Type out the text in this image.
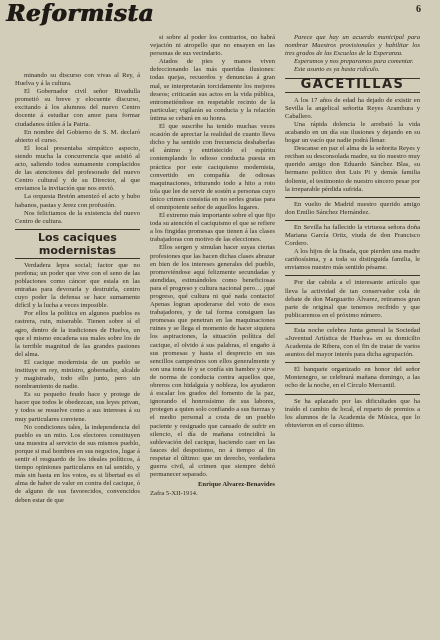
Reformista	6

minando su discurso con vivas al Rey, á Huelva y á la cultura.

El Gobernador civil señor Rivadulla prometió su breve y elocuente discurso, excitando á los alumnos del nuevo Centro docente á estudiar con amor para formar ciudadanos útiles á la Patria.

En nombre del Gobierno de S. M. declaró abierto el curso.

El local presentaba simpático aspecto, siendo mucha la concurrencia que asistió al acto, saliendo todos sumamente complacidos de las atenciones del profesorado del nuevo Centro cultural y de su Director, al que enviamos la invitación que nos envió.

La orquesta Bretón amenizó el acto y hubo habanos, pastas y Jerez con profusión.

Nos felicitamos de la existencia del nuevo Centro de cultura.

Los caciques modernistas

Verdadera lepra social; factor que no perdona; un poder que vive con el seno de las poblaciones como cáncer que estala en las entrañas para devorarla y destruirla, centro cuyo poder la defensa se hace sumamente difícil y la lucha a veces imposible.

Por ellos la política en algunos pueblos es rastrera, ruin, miserable. Tienen sobre sí el agro, dentro de la tradiciones de Huelva, un que el mismo encadena sus males sobre los de la terrible magnitud de las grandes pasiones del alma.

El cacique modernista de un pueblo se instituye en rey, ministro, gobernador, alcalde y magistrado, todo ello junto, pero sin nombramiento de nadie.

Es su pequeño feudo hace y protege de hacer que todos le obedezcan, sus leyes privan, y todos se resuelve como a sus intereses á su muy particulares conviene.

No condiciones tales, la independencia del pueblo es un mito. Los electores constituyen una muestra al servicio de sus mismos pueblo, porque si mal hombres en sus negocios, lugar á sentir el resguardo de los ideales políticos, á tiempo opiniones particulares en tal sentido, y más sin hasta en los votos, es si libertad es el alma de haber de valer en contra del cacique, ó de alguno de sus favorecidos, convencidos deben estar de que

si sobre al poder los contrarios, no habrá vejación ni atropello que no ensayen en las personas de sus vecindario.

Atados de pies y manos viven defeccionando las más queridas ilusiones: todas quejas, recuerdos y denuncias á gran mal, se interpretarán torcidamente los mejores deseos; criticarán sus actos en la vida pública, entrometiéndose en respetable recinto de la particular; vigilarán su conducta y la relación íntima se cebará en su honra.

El que suscribe ha tenido muchas veces ocasión de apreciar la realidad de cuanto lleva dicho y ha sentido con frecuencia deshaberlas el ánimo y entristecido el espíritu contemplando lo odioso conducta puesta en práctica por este caciquismo modernista, convertido en compañía de odiosas maquinaciones, triturando todo a hito a roto tola que lee de servir de sostén a personas cuyo único crimen consistía en no serles gratas para el omnipotente señor de aquellos lugares.

El extremo más importante sobre el que fijo toda su atención el caciquismo el que se refiere a los fingidas promesas que tienen á las clases trabajadoras con motivo de las elecciones.

Ellos sergen y simulan hacer suyas ciertas profesiones que las hacen dichas clases abrazar en bien de los intereses generales del pueblo, promoviéndose aquí felizmente secundadas y atendidas, estimándoles como beneficiosas para el progreso y cultura nacional pero… ¡qué progreso, qué cultura ni qué nada contacto! Apenas logran apoderarse del voto de esos trabajadores, y de tal forma consiguen las promesas que penetran en las maquinaciones ruines y se llega el momento de hacer siquiera los aspiraciones, la situación política del cacique, el olvido á sus palabras, el engaño á sus promesas y hasta el desprecio en sus sencillos campesinos son ellos generalmente y son una tonta fé y se confía sin hambre y sirve de norma de conducta contra aquellos que, obreros con hidalguía y nobleza, los ayudaron á escalar los grados del fomento de la paz, ignorando el honrosísimo de sus labores, protegen a quien solo confiando a sus fuerzas y el medio personal a costa de un pueblo paciente y resignado que cansado de sufrir en silencio, el día de mañana coincidirá la sublevación del cacique, haciendo caer en las fauces del despotismo, no á tiempo al fin respetar el último: que un derecho, verdadera guerra civil, al crimen que siempre debió permanecer separado.

Enrique Alvarez-Benavides
Zafra 5-XII-1914.

Parece que hay un acuerdo municipal para nombrar Maestros provisionales y habilitar los tres grados de las Escuelas de la Esperanza.

Esperamos y nos preparamos para comentar.

Este asunto es ya hasta ridículo.

GACETILLAS

A los 17 años de edad ha dejado de existir en Sevilla la angelical señorita Reyes Arambura y Caballero.

Una rápida dolencia le arrebató la vida acabando en un día sus ilusiones y dejando en su hogar un vacío que nadie podrá llenar.

Descanse en paz el alma de la señorita Reyes y reciban su desconsolada madre, su tío nuestro muy querido amigo don Eduardo Sánchez Blas, su hermano político don Luis Pi y demás familia doliente, el testimonio de nuestro sincero pesar por la irreparable pérdida sufrida.

En vuelto de Madrid nuestro querido amigo don Emilio Sánchez Hernández.

En Sevilla ha fallecido la virtuosa señora doña Mariana García Ortiz, viuda de don Francisco Cordero.

A los hijos de la finada, que pierden una madre cariñosísima, y a toda su distinguida familia, le enviamos nuestro más sentido pésame.

Por dar cabida a el interesante artículo que lleva la actividad de tan conservador cola de debate de don Marguarito Álvarez, retiramos gran parte de original que tenemos recibido y que publicaremos en el próximo número.

Esta noche celebra Junta general la Sociedad «Juventud Artística de Huelva» en su domicilio Academia de Ribera, con el fin de tratar de varios asuntos del mayor interés para dicha agrupación.

El banquete organizado en honor del señor Montenegro, se celebrará mañana domingo, a las ocho de la noche, en el Círculo Mercantil.

Se ha aplazado por las dificultades que ha traído el cambio de local, el reparto de premios a los alumnos de la Academia de Música, que lo obtuvieron en el curso último.
